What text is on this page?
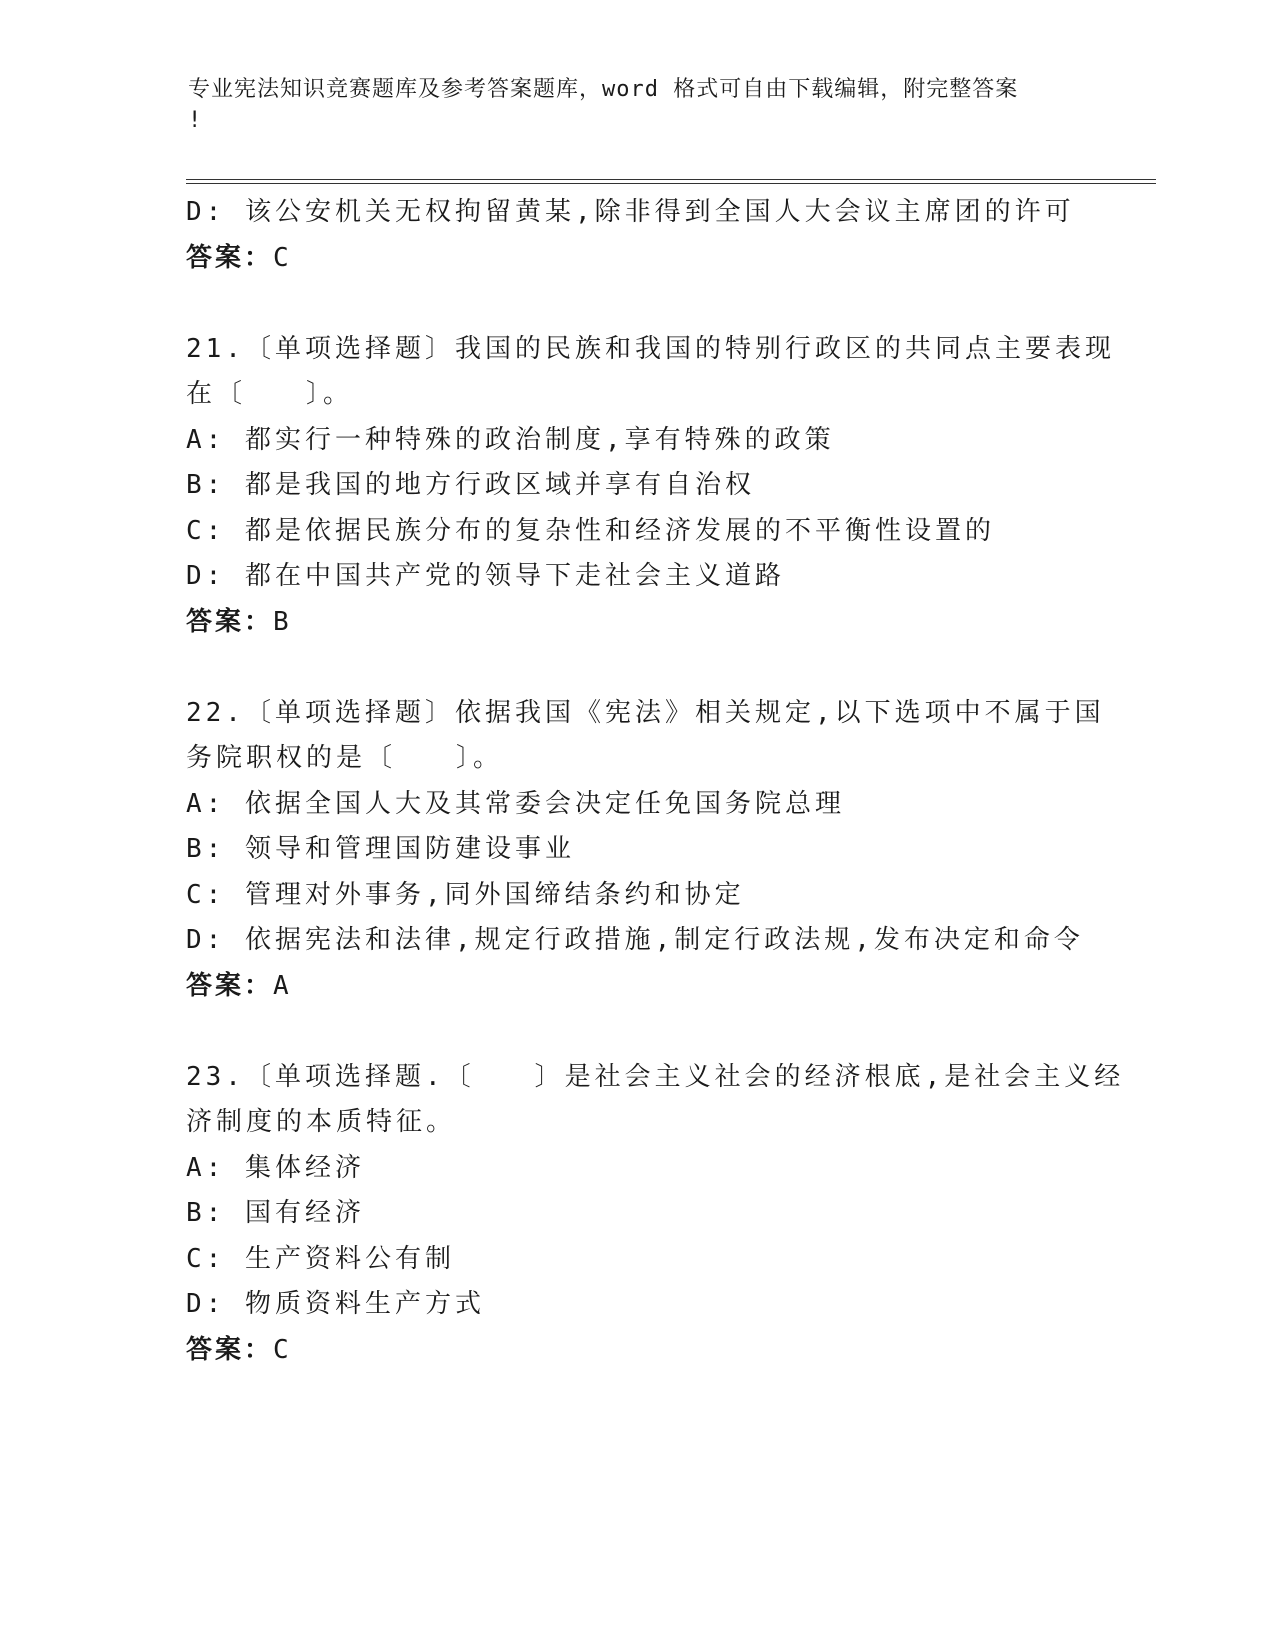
专业宪法知识竞赛题库及参考答案题库，word 格式可自由下载编辑，附完整答案
!
D: 该公安机关无权拘留黄某,除非得到全国人大会议主席团的许可
答案：C
21.〔单项选择题〕我国的民族和我国的特别行政区的共同点主要表现
在〔　　〕。
A: 都实行一种特殊的政治制度,享有特殊的政策
B: 都是我国的地方行政区域并享有自治权
C: 都是依据民族分布的复杂性和经济发展的不平衡性设置的
D: 都在中国共产党的领导下走社会主义道路
答案：B
22.〔单项选择题〕依据我国《宪法》相关规定,以下选项中不属于国
务院职权的是〔　　〕。
A: 依据全国人大及其常委会决定任免国务院总理
B: 领导和管理国防建设事业
C: 管理对外事务,同外国缔结条约和协定
D: 依据宪法和法律,规定行政措施,制定行政法规,发布决定和命令
答案：A
23.〔单项选择题.〔　　〕是社会主义社会的经济根底,是社会主义经
济制度的本质特征。
A: 集体经济
B: 国有经济
C: 生产资料公有制
D: 物质资料生产方式
答案：C
